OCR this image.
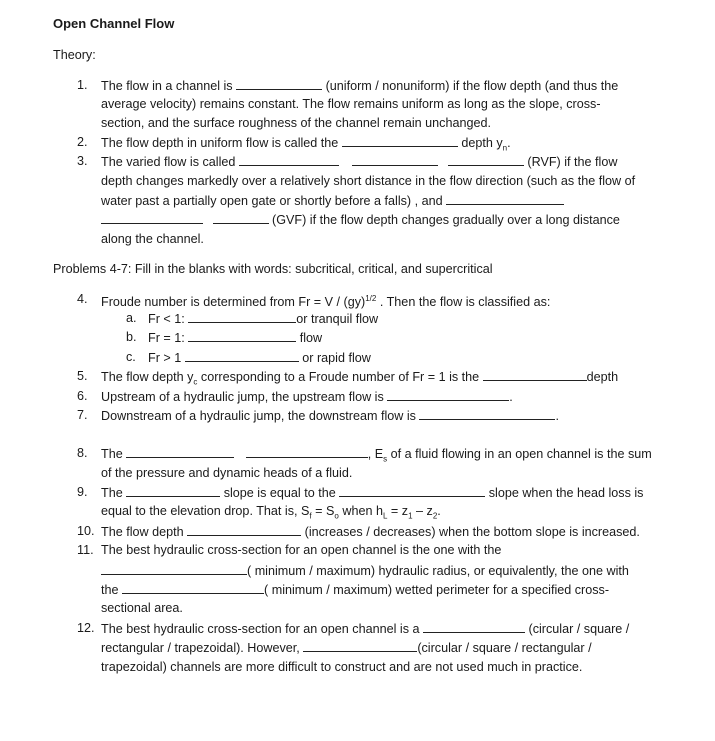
Open Channel Flow
Theory:
1. The flow in a channel is	(uniform / nonuniform) if the flow depth (and thus the
average velocity) remains constant. The flow remains uniform as long as the slope, cross-
section, and the surface roughness of the channel remain unchanged.
2. The flow depth in uniform flow is called the	depth $y_n$.
3. The varied flow is called	(RVF) if the flow
depth changes markedly over a relatively short distance in the flow direction (such as the flow of
water past a partially open gate or shortly before a falls) , and
(GVF) if the flow depth changes gradually over a long distance
along the channel.
Problems 4-7: Fill in the blanks with words: subcritical, critical, and supercritical
4. Froude number is determined from Fr = V / (gy)$^{1/2}$ . Then the flow is classified as:
a. Fr < 1:	or tranquil flow
b. Fr = 1:	flow
c. Fr > 1	or rapid flow
5. The flow depth $y_c$ corresponding to a Froude number of Fr = 1 is the	depth
6. Upstream of a hydraulic jump, the upstream flow is	.
7. Downstream of a hydraulic jump, the downstream flow is	.
8. The	, $E_s$ of a fluid flowing in an open channel is the sum
of the pressure and dynamic heads of a fluid.
9. The	slope is equal to the	slope when the head loss is
equal to the elevation drop. That is, $S_f = S_o$ when $h_L = z_1 - z_2$.
10. The flow depth	(increases / decreases) when the bottom slope is increased.
11. The best hydraulic cross-section for an open channel is the one with the
( minimum / maximum) hydraulic radius, or equivalently, the one with
the	( minimum / maximum) wetted perimeter for a specified cross-
sectional area.
12. The best hydraulic cross-section for an open channel is a	(circular / square /
rectangular / trapezoidal). However,	(circular / square / rectangular /
trapezoidal) channels are more difficult to construct and are not used much in practice.
